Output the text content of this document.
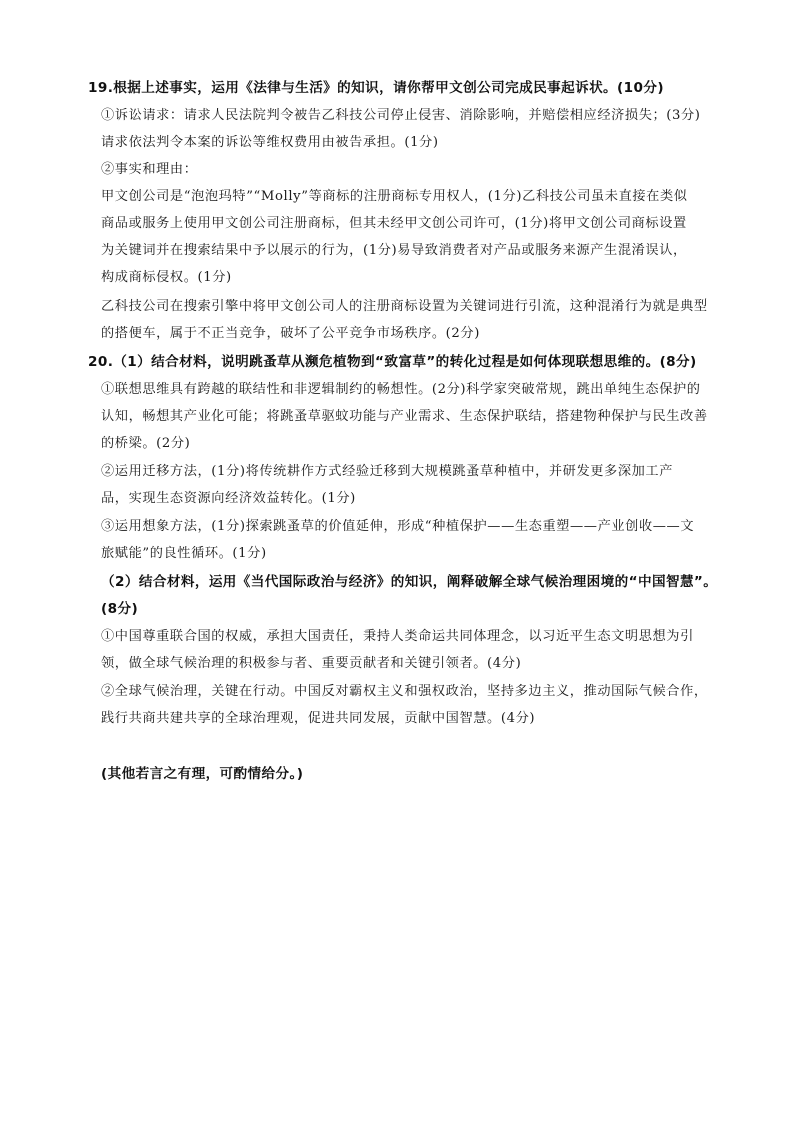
19.根据上述事实，运用《法律与生活》的知识，请你帮甲文创公司完成民事起诉状。(10分)
①诉讼请求：请求人民法院判令被告乙科技公司停止侵害、消除影响，并赔偿相应经济损失；(3分)
请求依法判令本案的诉讼等维权费用由被告承担。(1分)
②事实和理由：
甲文创公司是“泡泡玛特”“Molly”等商标的注册商标专用权人，(1分)乙科技公司虽未直接在类似
商品或服务上使用甲文创公司注册商标，但其未经甲文创公司许可，(1分)将甲文创公司商标设置
为关键词并在搜索结果中予以展示的行为，(1分)易导致消费者对产品或服务来源产生混淆误认，
构成商标侵权。(1分)
乙科技公司在搜索引擎中将甲文创公司人的注册商标设置为关键词进行引流，这种混淆行为就是典型
的搭便车，属于不正当竞争，破坏了公平竞争市场秩序。(2分)
20.（1）结合材料，说明跳蚤草从濒危植物到“致富草”的转化过程是如何体现联想思维的。(8分)
①联想思维具有跨越的联结性和非逻辑制约的畅想性。(2分)科学家突破常规，跳出单纯生态保护的
认知，畅想其产业化可能；将跳蚤草驱蚊功能与产业需求、生态保护联结，搭建物种保护与民生改善
的桥梁。(2分)
②运用迁移方法，(1分)将传统耕作方式经验迁移到大规模跳蚤草种植中，并研发更多深加工产
品，实现生态资源向经济效益转化。(1分)
③运用想象方法，(1分)探索跳蚤草的价值延伸，形成“种植保护——生态重塑——产业创收——文
旅赋能”的良性循环。(1分)
（2）结合材料，运用《当代国际政治与经济》的知识，阐释破解全球气候治理困境的“中国智慧”。
(8分)
①中国尊重联合国的权威，承担大国责任，秉持人类命运共同体理念，以习近平生态文明思想为引
领，做全球气候治理的积极参与者、重要贡献者和关键引领者。(4分)
②全球气候治理，关键在行动。中国反对霸权主义和强权政治，坚持多边主义，推动国际气候合作，
践行共商共建共享的全球治理观，促进共同发展，贡献中国智慧。(4分)
(其他若言之有理，可酌情给分。)
